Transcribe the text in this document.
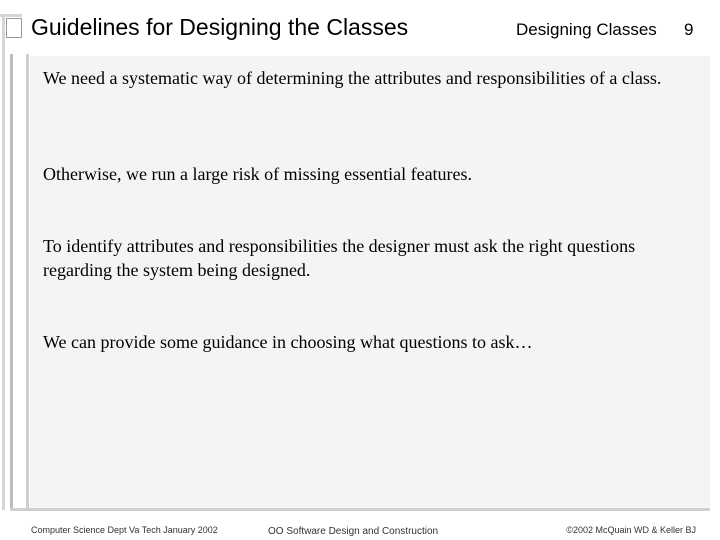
Guidelines for Designing the Classes	Designing Classes 9
We need a systematic way of determining the attributes and responsibilities of a class.
Otherwise, we run a large risk of missing essential features.
To identify attributes and responsibilities the designer must ask the right questions regarding the system being designed.
We can provide some guidance in choosing what questions to ask…
Computer Science Dept Va Tech January 2002	OO Software Design and Construction	©2002 McQuain WD & Keller BJ
